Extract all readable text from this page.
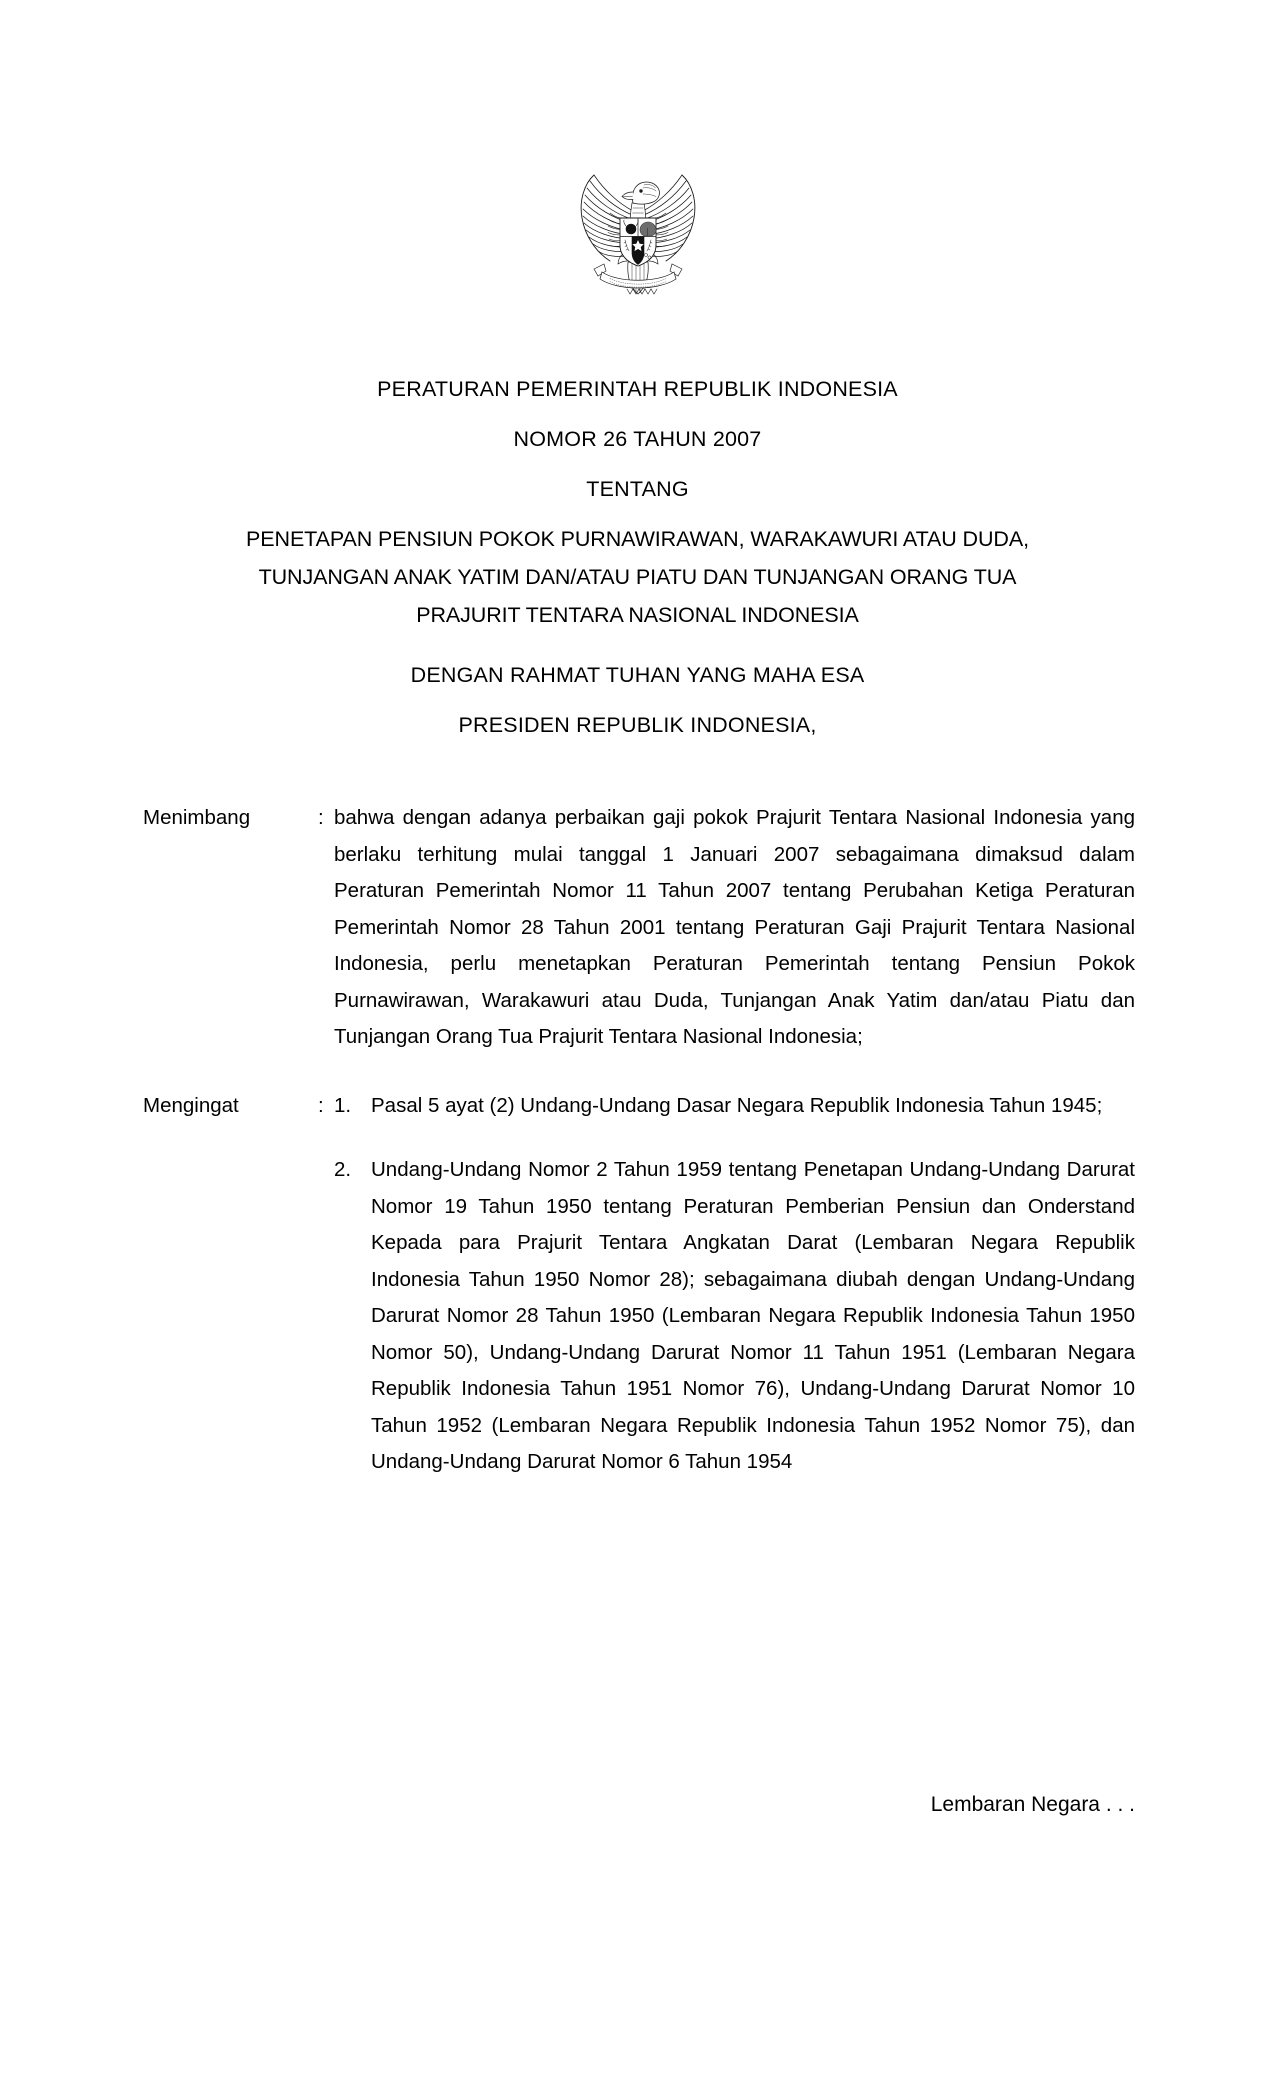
PERATURAN PEMERINTAH REPUBLIK INDONESIA
NOMOR 26 TAHUN 2007
TENTANG
PENETAPAN PENSIUN POKOK PURNAWIRAWAN, WARAKAWURI ATAU DUDA,
TUNJANGAN ANAK YATIM DAN/ATAU PIATU DAN TUNJANGAN ORANG TUA
PRAJURIT TENTARA NASIONAL INDONESIA
DENGAN RAHMAT TUHAN YANG MAHA ESA
PRESIDEN REPUBLIK INDONESIA,
Menimbang	: bahwa dengan adanya perbaikan gaji pokok Prajurit Tentara Nasional Indonesia yang berlaku terhitung mulai tanggal 1 Januari 2007 sebagaimana dimaksud dalam Peraturan Pemerintah Nomor 11 Tahun 2007 tentang Perubahan Ketiga Peraturan Pemerintah Nomor 28 Tahun 2001 tentang Peraturan Gaji Prajurit Tentara Nasional Indonesia, perlu menetapkan Peraturan Pemerintah tentang Pensiun Pokok Purnawirawan, Warakawuri atau Duda, Tunjangan Anak Yatim dan/atau Piatu dan Tunjangan Orang Tua Prajurit Tentara Nasional Indonesia;

Mengingat	: 1. Pasal 5 ayat (2) Undang-Undang Dasar Negara Republik Indonesia Tahun 1945;
2. Undang-Undang Nomor 2 Tahun 1959 tentang Penetapan Undang-Undang Darurat Nomor 19 Tahun 1950 tentang Peraturan Pemberian Pensiun dan Onderstand Kepada para Prajurit Tentara Angkatan Darat (Lembaran Negara Republik Indonesia Tahun 1950 Nomor 28); sebagaimana diubah dengan Undang-Undang Darurat Nomor 28 Tahun 1950 (Lembaran Negara Republik Indonesia Tahun 1950 Nomor 50), Undang-Undang Darurat Nomor 11 Tahun 1951 (Lembaran Negara Republik Indonesia Tahun 1951 Nomor 76), Undang-Undang Darurat Nomor 10 Tahun 1952 (Lembaran Negara Republik Indonesia Tahun 1952 Nomor 75), dan Undang-Undang Darurat Nomor 6 Tahun 1954
Lembaran Negara . . .
